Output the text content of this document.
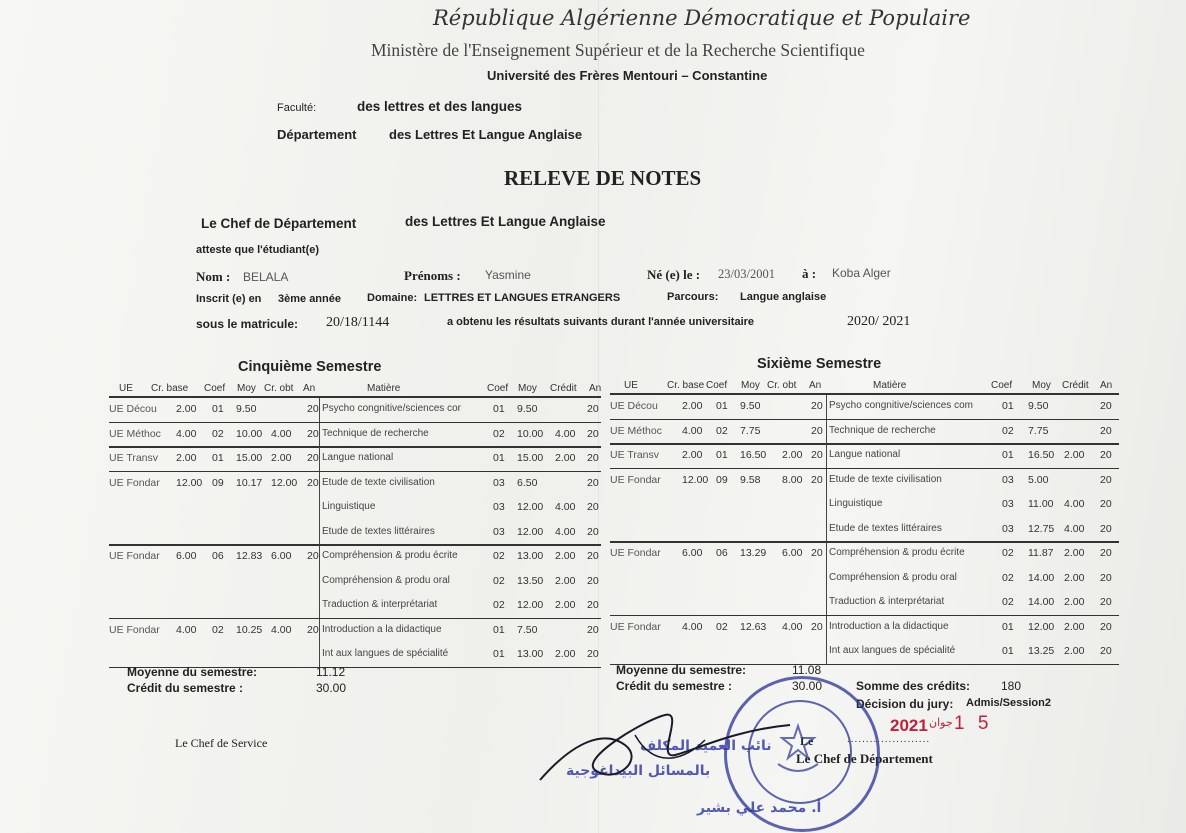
République Algérienne Démocratique et Populaire
Ministère de l'Enseignement Supérieur et de la Recherche Scientifique
Université des Frères Mentouri – Constantine
Faculté:	des lettres et des langues
Département	des Lettres Et Langue Anglaise
RELEVE DE NOTES
Le Chef de Département	des Lettres Et Langue Anglaise
atteste que l'étudiant(e)
Nom : BELALA	Prénoms : Yasmine	Né (e) le : 23/03/2001 à : Koba Alger
Inscrit (e) en 3ème année Domaine: LETTRES ET LANGUES ETRANGERS	Parcours: Langue anglaise
sous le matricule: 20/18/1144	a obtenu les résultats suivants durant l'année universitaire	2020/ 2021
Cinquième Semestre	Sixième Semestre
UE Cr. base Coef Moy Cr. obt An	Matière	Coef Moy Crédit An
UE Décou 2.00 01 9.50	20 Psycho congnitive/sciences cor	01 9.50	20
UE Méthoc 4.00 02 10.00 4.00 20 Technique de recherche	02 10.00 4.00 20
UE Transv 2.00 01 15.00 2.00 20 Langue national	01 15.00 2.00 20
UE Fondar 12.00 09 10.17 12.00 20 Etude de texte civilisation	03 6.50	20
Linguistique	03 12.00 4.00 20
Etude de textes littéraires	03 12.00 4.00 20
UE Fondar 6.00 06 12.83 6.00 20 Compréhension & produ écrite	02 13.00 2.00 20
Compréhension & produ oral	02 13.50 2.00 20
Traduction & interprétariat	02 12.00 2.00 20
UE Fondar 4.00 02 10.25 4.00 20 Introduction a la didactique	01 7.50	20
Int aux langues de spécialité	01 13.00 2.00 20
UE	Cr. base Coef Moy Cr. obt An	Matière	Coef Moy Crédit An
UE Décou 2.00 01 9.50	20 Psycho congnitive/sciences com	01 9.50	20
UE Méthoc 4.00 02 7.75	20 Technique de recherche	02 7.75	20
UE Transv 2.00 01 16.50 2.00 20 Langue national	01 16.50 2.00 20
UE Fondar 12.00 09 9.58 8.00 20 Etude de texte civilisation	03 5.00	20
Linguistique	03 11.00 4.00 20
Etude de textes littéraires	03 12.75 4.00 20
UE Fondar 6.00 06 13.29 6.00 20 Compréhension & produ écrite	02 11.87 2.00 20
Compréhension & produ oral	02 14.00 2.00 20
Traduction & interprétariat	02 14.00 2.00 20
UE Fondar 4.00 02 12.63 4.00 20 Introduction a la didactique	01 12.00 2.00 20
Int aux langues de spécialité	01 13.25 2.00 20
Moyenne du semestre:	11.12
Crédit du semestre :	30.00
Moyenne du semestre:	11.08
Crédit du semestre :	30.00	Somme des crédits:	180
Décision du jury: Admis/Session2
2021 جوان 1 5
Le	......................
Le Chef de Département
Le Chef de Service	نائب العميد المكلف
بالمسائل البيداغوجية
أ. محمد علي بشير
